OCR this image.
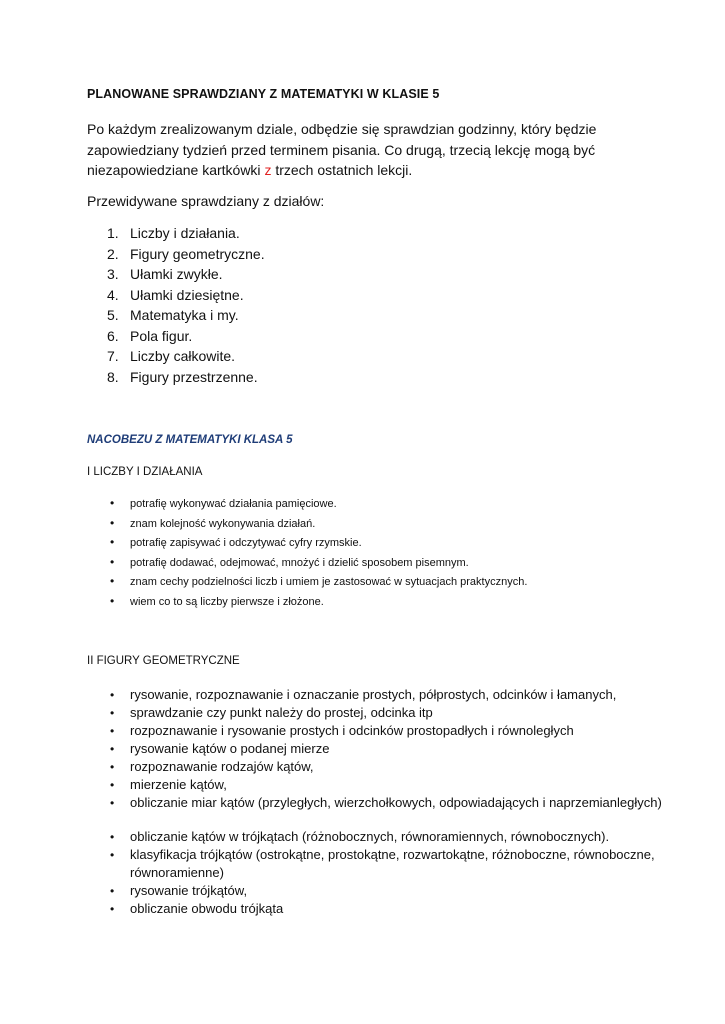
PLANOWANE SPRAWDZIANY Z MATEMATYKI W KLASIE 5

Po każdym zrealizowanym dziale, odbędzie się sprawdzian godzinny, który będzie zapowiedziany tydzień przed terminem pisania. Co drugą, trzecią lekcję mogą być niezapowiedziane kartkówki z trzech ostatnich lekcji.

Przewidywane sprawdziany z działów:
1. Liczby i działania.
2. Figury geometryczne.
3. Ułamki zwykłe.
4. Ułamki dziesiętne.
5. Matematyka i my.
6. Pola figur.
7. Liczby całkowite.
8. Figury przestrzenne.
NACOBEZU Z MATEMATYKI KLASA 5
I LICZBY I DZIAŁANIA
• potrafię wykonywać działania pamięciowe.
• znam kolejność wykonywania działań.
• potrafię zapisywać i odczytywać cyfry rzymskie.
• potrafię dodawać, odejmować, mnożyć i dzielić sposobem pisemnym.
• znam cechy podzielności liczb i umiem je zastosować w sytuacjach praktycznych.
• wiem co to są liczby pierwsze i złożone.
II FIGURY GEOMETRYCZNE
•	rysowanie, rozpoznawanie i oznaczanie prostych, półprostych, odcinków i łamanych,
•	sprawdzanie czy punkt należy do prostej, odcinka itp
•	rozpoznawanie i rysowanie prostych i odcinków prostopadłych i równoległych
•	rysowanie kątów o podanej mierze
•	rozpoznawanie rodzajów kątów,
•	mierzenie kątów,
•	obliczanie miar kątów (przyległych, wierzchołkowych, odpowiadających i naprzemianległych)
•	obliczanie kątów w trójkątach (różnobocznych, równoramiennych, równobocznych).
•	klasyfikacja trójkątów (ostrokątne, prostokątne, rozwartokątne, różnoboczne, równoboczne, równoramienne)
•	rysowanie trójkątów,
•	obliczanie obwodu trójkąta
